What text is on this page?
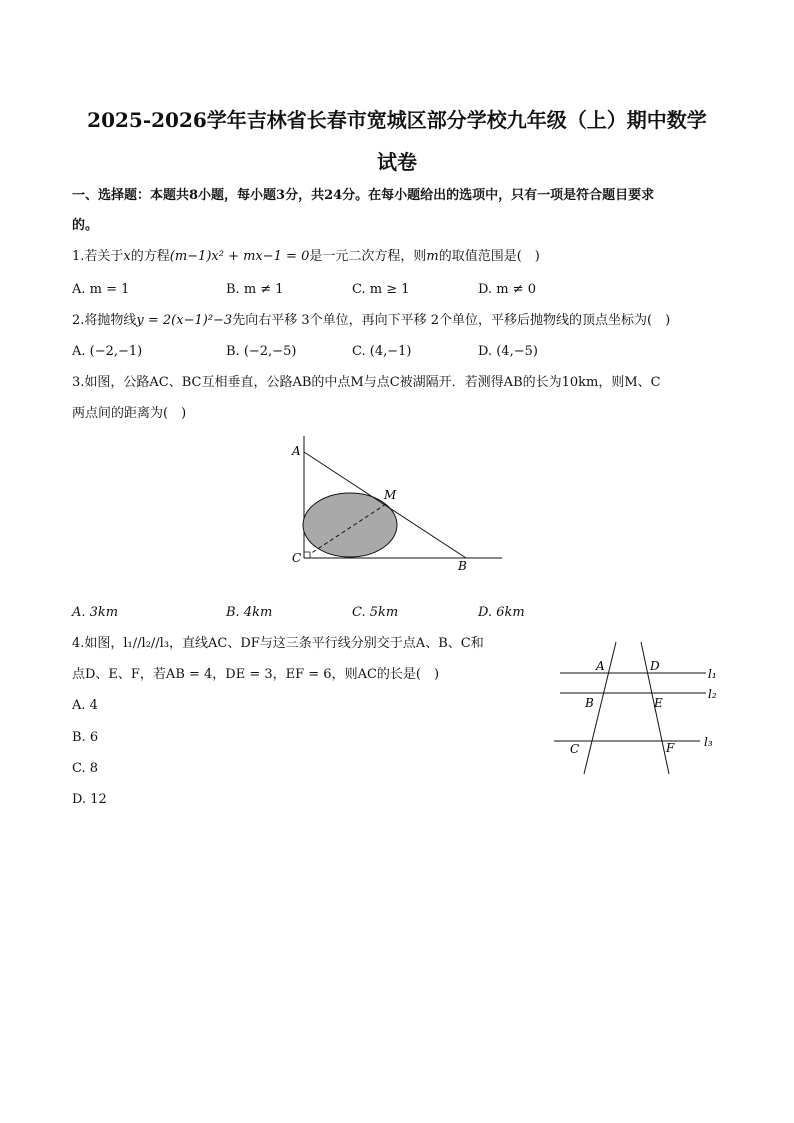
2025-2026学年吉林省长春市宽城区部分学校九年级（上）期中数学
试卷
一、选择题：本题共8小题，每小题3分，共24分。在每小题给出的选项中，只有一项是符合题目要求
的。
1.若关于x的方程(m−1)x² + mx−1 = 0是一元二次方程，则m的取值范围是(　)
A. m = 1	B. m ≠ 1	C. m ≥ 1	D. m ≠ 0
2.将抛物线y = 2(x−1)²−3先向右平移 3个单位，再向下平移 2个单位，平移后抛物线的顶点坐标为(　)
A. (−2,−1)	B. (−2,−5)	C. (4,−1)	D. (4,−5)
3.如图，公路AC、BC互相垂直，公路AB的中点M与点C被湖隔开．若测得AB的长为10km，则M、C
两点间的距离为(　)
A
M
C
B
A. 3km	B. 4km	C. 5km	D. 6km
4.如图，l₁//l₂//l₃，直线AC、DF与这三条平行线分别交于点A、B、C和
点D、E、F，若AB = 4，DE = 3，EF = 6，则AC的长是(　)
A. 4
B. 6
C. 8
D. 12
A	D
B	E
C	F
l₁
l₂
l₃
